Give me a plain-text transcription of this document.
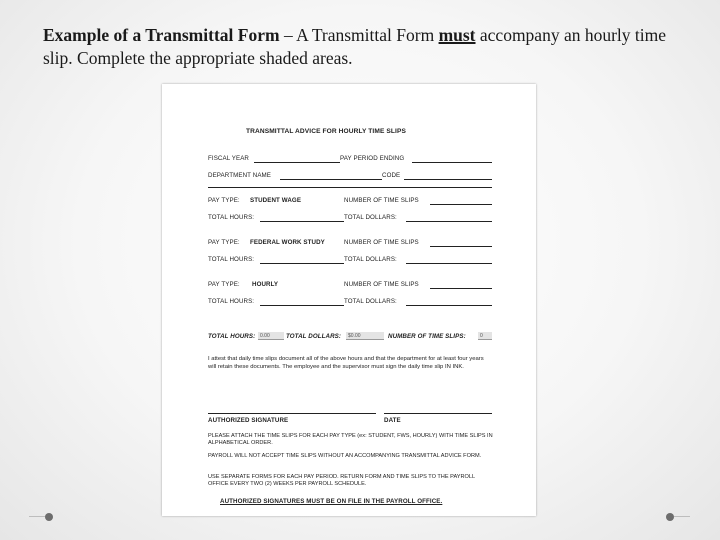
Example of a Transmittal Form – A Transmittal Form must accompany an hourly time slip. Complete the appropriate shaded areas.
TRANSMITTAL ADVICE FOR HOURLY TIME SLIPS
FISCAL YEAR	PAY PERIOD ENDING
DEPARTMENT NAME	CODE
PAY TYPE: STUDENT WAGE	NUMBER OF TIME SLIPS
TOTAL HOURS:	TOTAL DOLLARS:
PAY TYPE: FEDERAL WORK STUDY	NUMBER OF TIME SLIPS
TOTAL HOURS:	TOTAL DOLLARS:
PAY TYPE: HOURLY	NUMBER OF TIME SLIPS
TOTAL HOURS:	TOTAL DOLLARS:
TOTAL HOURS: 0.00	TOTAL DOLLARS:	$0.00	NUMBER OF TIME SLIPS:	0
I attest that daily time slips document all of the above hours and that the department for at least four years will retain these documents. The employee and the supervisor must sign the daily time slip IN INK.
AUTHORIZED SIGNATURE	DATE
PLEASE ATTACH THE TIME SLIPS FOR EACH PAY TYPE (ex: STUDENT, FWS, HOURLY) WITH TIME SLIPS IN ALPHABETICAL ORDER.
PAYROLL WILL NOT ACCEPT TIME SLIPS WITHOUT AN ACCOMPANYING TRANSMITTAL ADVICE FORM.
USE SEPARATE FORMS FOR EACH PAY PERIOD. RETURN FORM AND TIME SLIPS TO THE PAYROLL OFFICE EVERY TWO (2) WEEKS PER PAYROLL SCHEDULE.
AUTHORIZED SIGNATURES MUST BE ON FILE IN THE PAYROLL OFFICE.
